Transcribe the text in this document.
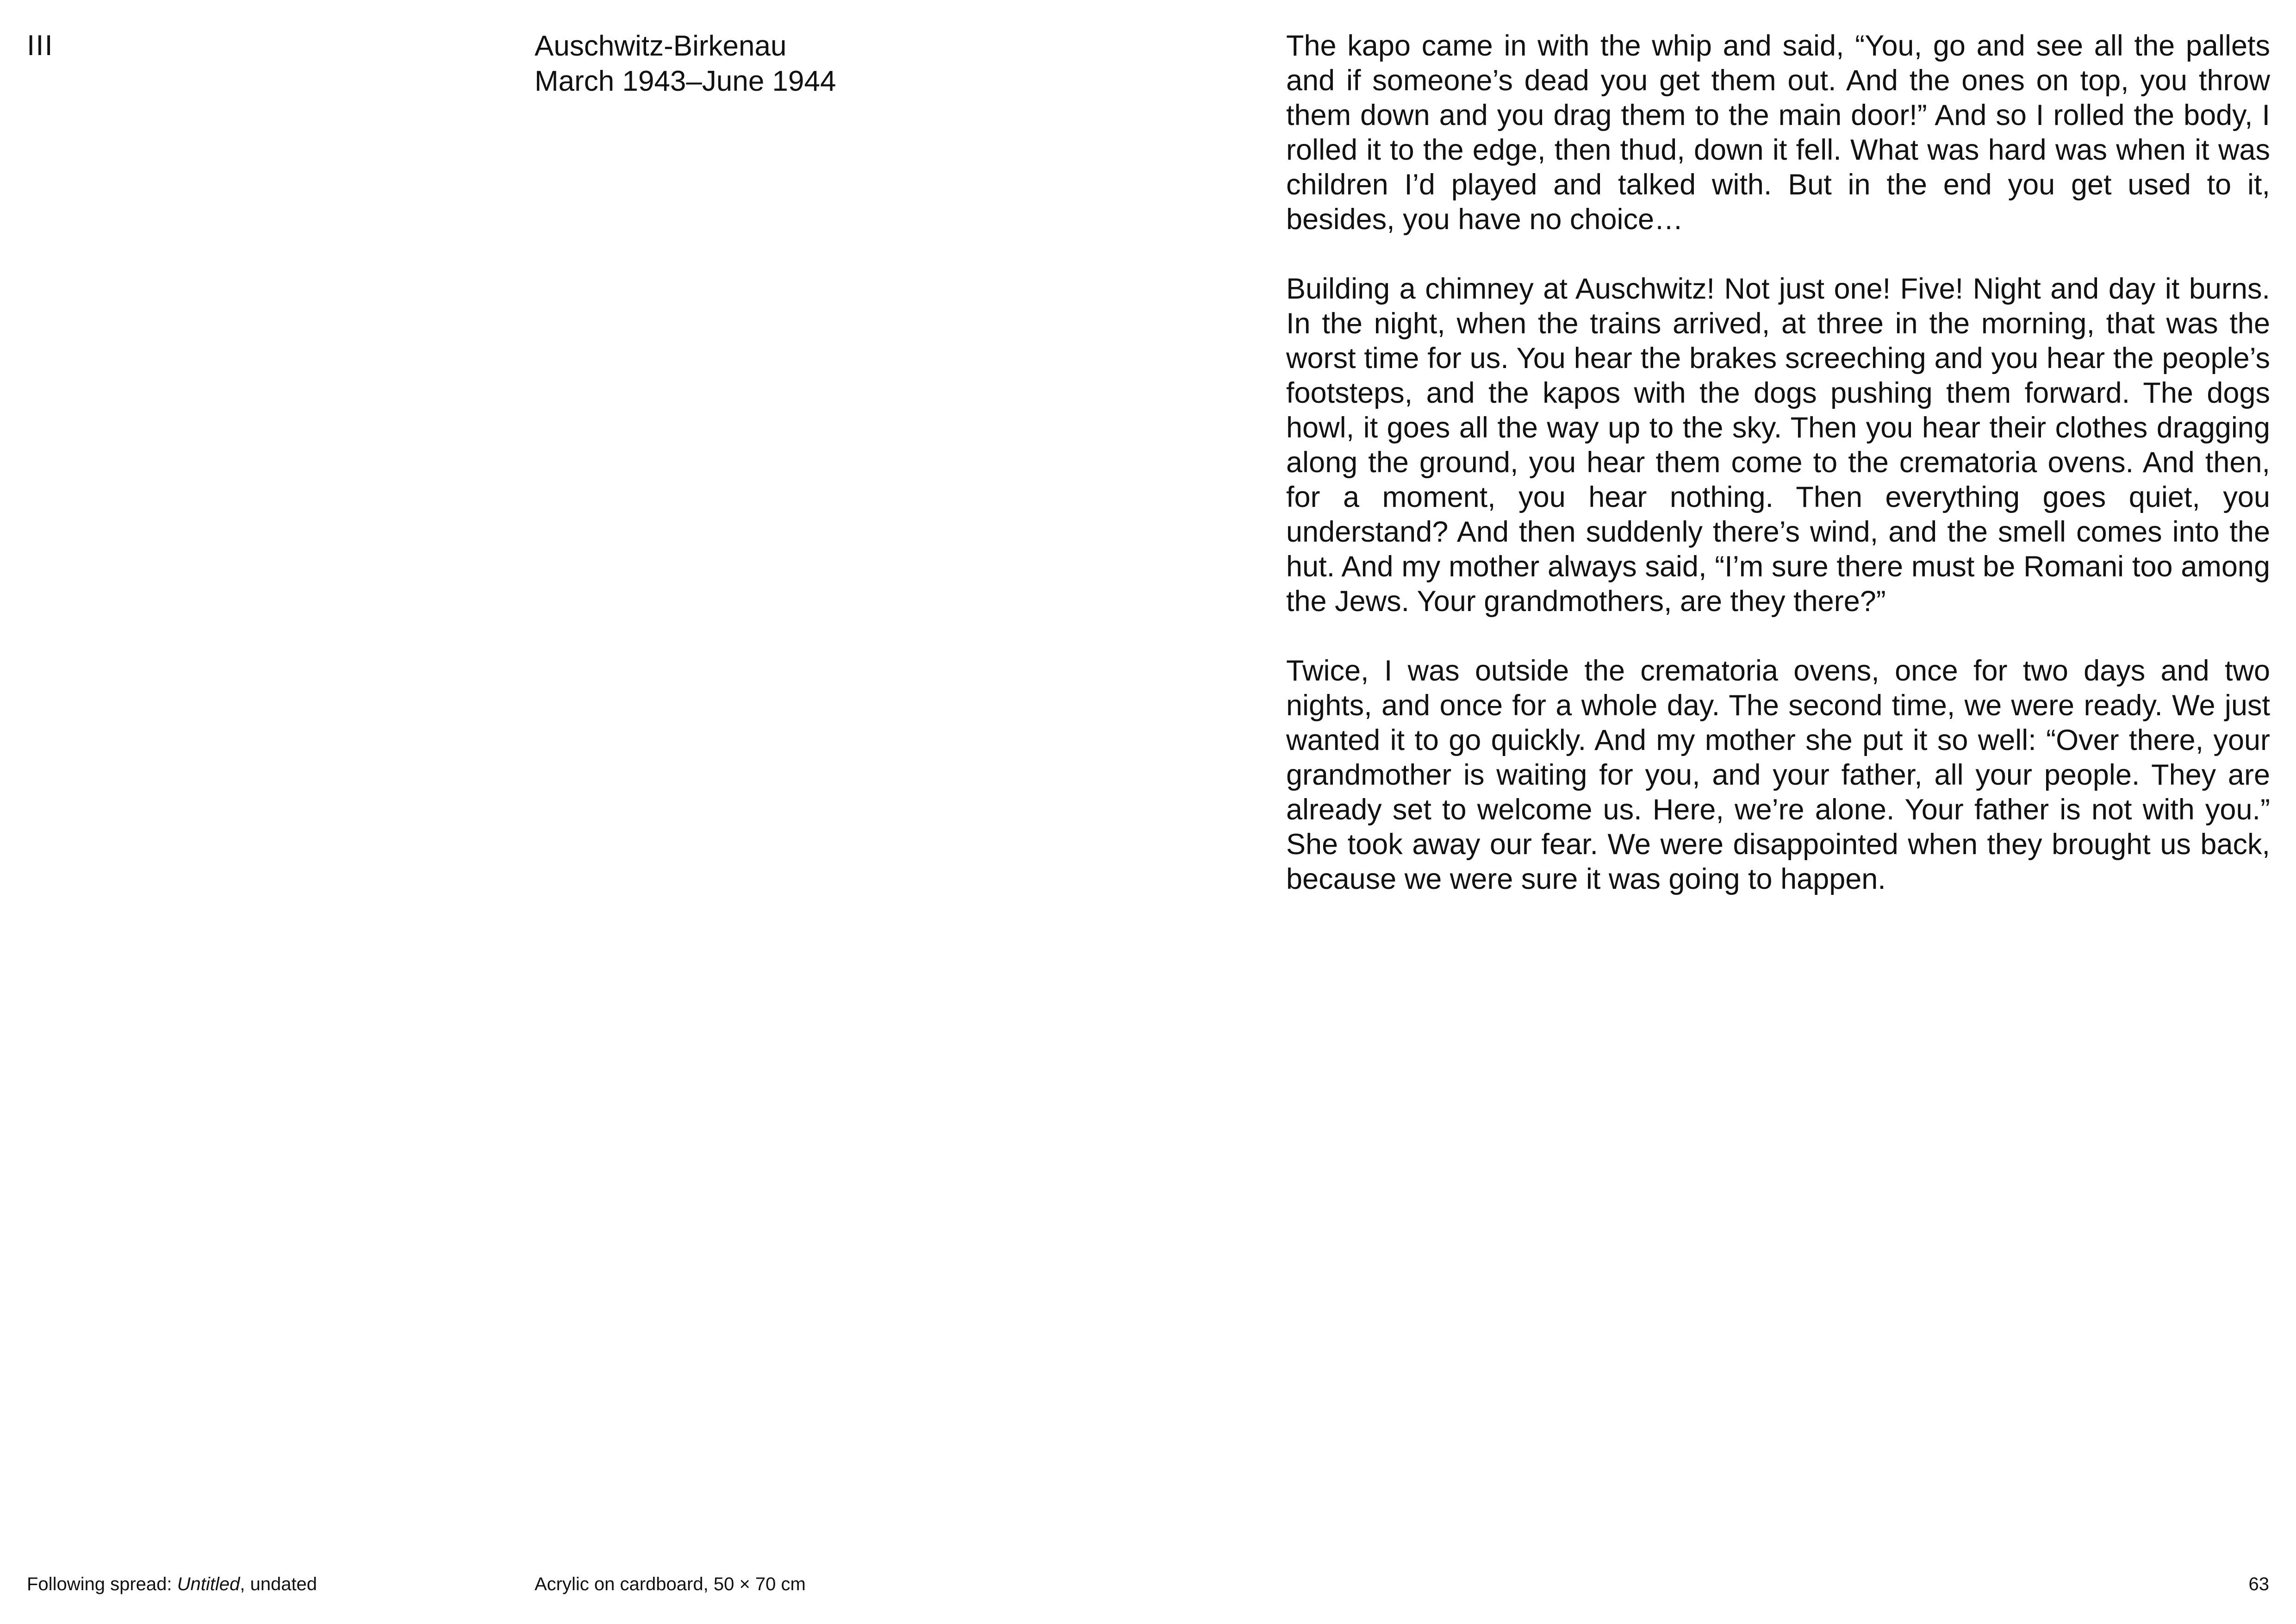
III	Auschwitz-Birkenau
March 1943–June 1944

The kapo came in with the whip and said, “You, go and see all the pallets and if someone’s dead you get them out. And the ones on top, you throw them down and you drag them to the main door!” And so I rolled the body, I rolled it to the edge, then thud, down it fell. What was hard was when it was children I’d played and talked with. But in the end you get used to it, besides, you have no choice…

Building a chimney at Auschwitz! Not just one! Five! Night and day it burns. In the night, when the trains arrived, at three in the morning, that was the worst time for us. You hear the brakes screeching and you hear the people’s footsteps, and the kapos with the dogs pushing them forward. The dogs howl, it goes all the way up to the sky. Then you hear their clothes dragging along the ground, you hear them come to the crematoria ovens. And then, for a moment, you hear nothing. Then everything goes quiet, you understand? And then suddenly there’s wind, and the smell comes into the hut. And my mother always said, “I’m sure there must be Romani too among the Jews. Your grandmothers, are they there?”

Twice, I was outside the crematoria ovens, once for two days and two nights, and once for a whole day. The second time, we were ready. We just wanted it to go quickly. And my mother she put it so well: “Over there, your grandmother is waiting for you, and your father, all your people. They are already set to welcome us. Here, we’re alone. Your father is not with you.” She took away our fear. We were disappointed when they brought us back, because we were sure it was going to happen.

Following spread: Untitled, undated	Acrylic on cardboard, 50 × 70 cm	63
